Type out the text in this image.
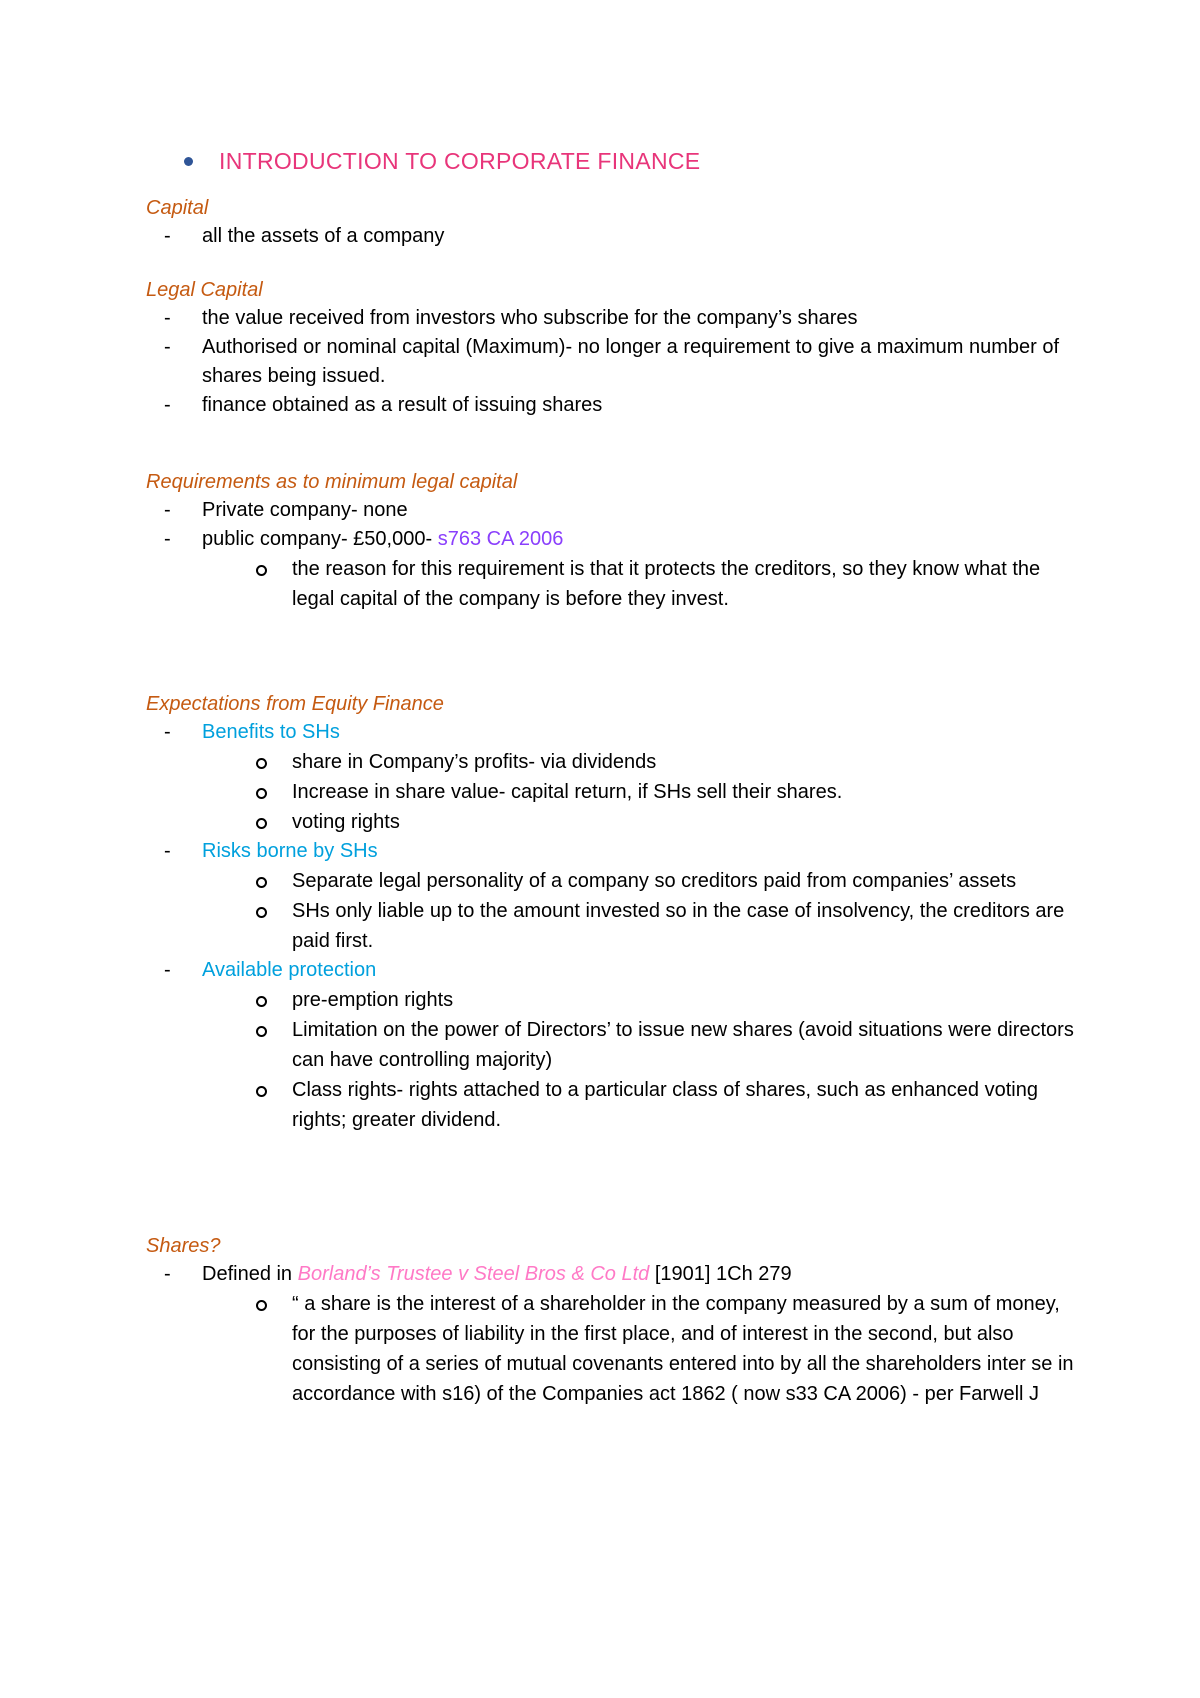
INTRODUCTION TO CORPORATE FINANCE
Capital
- all the assets of a company
Legal Capital
- the value received from investors who subscribe for the company’s shares
- Authorised or nominal capital (Maximum)- no longer a requirement to give a maximum number of shares being issued.
- finance obtained as a result of issuing shares
Requirements as to minimum legal capital
- Private company- none
- public company- £50,000- s763 CA 2006
the reason for this requirement is that it protects the creditors, so they know what the legal capital of the company is before they invest.
Expectations from Equity Finance
- Benefits to SHs
share in Company’s profits- via dividends
Increase in share value- capital return, if SHs sell their shares.
voting rights
- Risks borne by SHs
Separate legal personality of a company so creditors paid from companies’ assets
SHs only liable up to the amount invested so in the case of insolvency, the creditors are paid first.
- Available protection
pre-emption rights
Limitation on the power of Directors’ to issue new shares (avoid situations were directors can have controlling majority)
Class rights- rights attached to a particular class of shares, such as enhanced voting rights; greater dividend.
Shares?
- Defined in Borland’s Trustee v Steel Bros & Co Ltd [1901] 1Ch 279
“ a share is the interest of a shareholder in the company measured by a sum of money, for the purposes of liability in the first place, and of interest in the second, but also consisting of a series of mutual covenants entered into by all the shareholders inter se in accordance with s16) of the Companies act 1862 ( now s33 CA 2006) - per Farwell J
